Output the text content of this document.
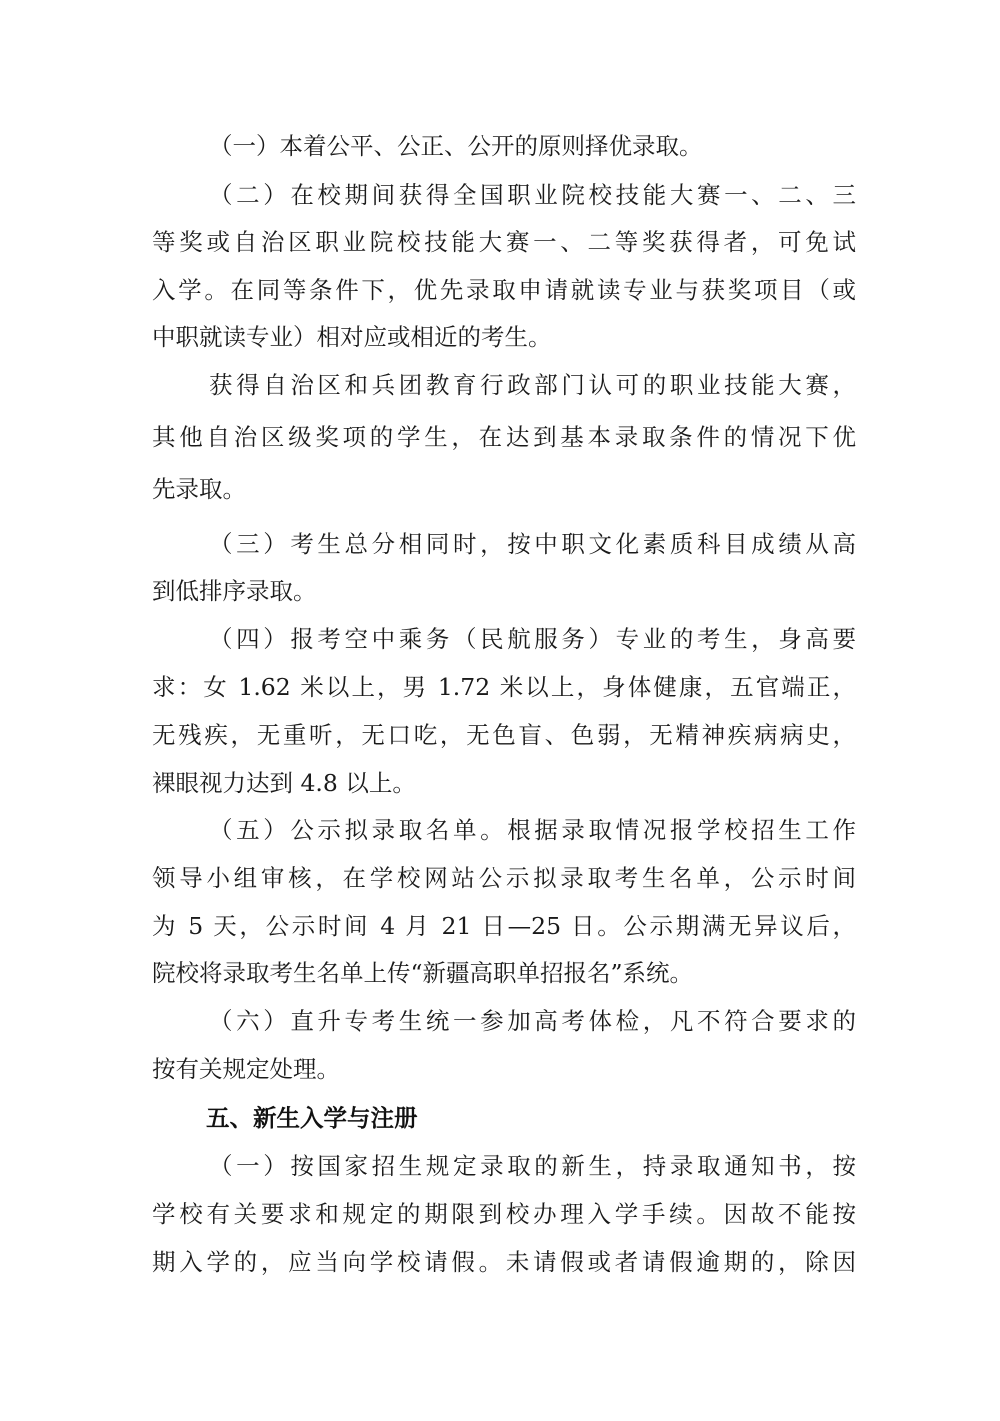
（一）本着公平、公正、公开的原则择优录取。
（二）在校期间获得全国职业院校技能大赛一、二、三
等奖或自治区职业院校技能大赛一、二等奖获得者，可免试
入学。在同等条件下，优先录取申请就读专业与获奖项目（或
中职就读专业）相对应或相近的考生。
获得自治区和兵团教育行政部门认可的职业技能大赛，
其他自治区级奖项的学生，在达到基本录取条件的情况下优
先录取。
（三）考生总分相同时，按中职文化素质科目成绩从高
到低排序录取。
（四）报考空中乘务（民航服务）专业的考生，身高要
求：女 1.62 米以上，男 1.72 米以上，身体健康，五官端正，
无残疾，无重听，无口吃，无色盲、色弱，无精神疾病病史，
裸眼视力达到 4.8 以上。
（五）公示拟录取名单。根据录取情况报学校招生工作
领导小组审核，在学校网站公示拟录取考生名单，公示时间
为 5 天，公示时间 4 月 21 日—25 日。公示期满无异议后，
院校将录取考生名单上传“新疆高职单招报名”系统。
（六）直升专考生统一参加高考体检，凡不符合要求的
按有关规定处理。
五、新生入学与注册
（一）按国家招生规定录取的新生，持录取通知书，按
学校有关要求和规定的期限到校办理入学手续。因故不能按
期入学的，应当向学校请假。未请假或者请假逾期的，除因
